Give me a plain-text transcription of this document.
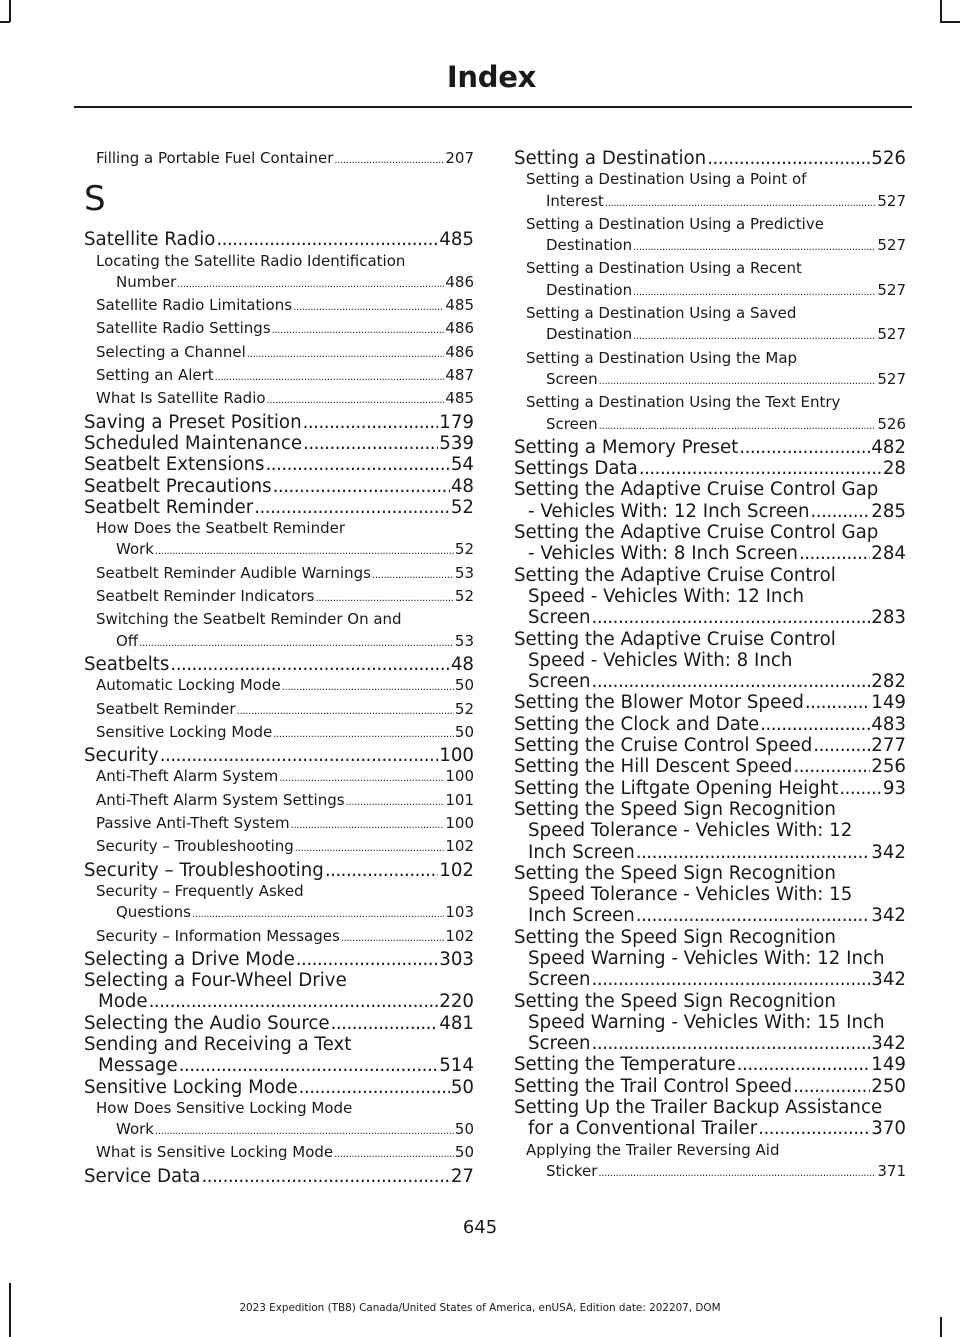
Index
Filling a Portable Fuel Container .....	207
S
Satellite Radio .....	485
Locating the Satellite Radio Identification
Number .....	486
Satellite Radio Limitations .....	485
Satellite Radio Settings .....	486
Selecting a Channel .....	486
Setting an Alert .....	487
What Is Satellite Radio .....	485
Saving a Preset Position .....	179
Scheduled Maintenance .....	539
Seatbelt Extensions .....	54
Seatbelt Precautions .....	48
Seatbelt Reminder .....	52
How Does the Seatbelt Reminder
Work .....	52
Seatbelt Reminder Audible Warnings .....	53
Seatbelt Reminder Indicators .....	52
Switching the Seatbelt Reminder On and
Off .....	53
Seatbelts .....	48
Automatic Locking Mode .....	50
Seatbelt Reminder .....	52
Sensitive Locking Mode .....	50
Security .....	100
Anti-Theft Alarm System .....	100
Anti-Theft Alarm System Settings .....	101
Passive Anti-Theft System .....	100
Security – Troubleshooting .....	102
Security – Troubleshooting .....	102
Security – Frequently Asked
Questions .....	103
Security – Information Messages .....	102
Selecting a Drive Mode .....	303
Selecting a Four-Wheel Drive
Mode .....	220
Selecting the Audio Source .....	481
Sending and Receiving a Text
Message .....	514
Sensitive Locking Mode .....	50
How Does Sensitive Locking Mode
Work .....	50
What is Sensitive Locking Mode .....	50
Service Data .....	27
Setting a Destination .....	526
Setting a Destination Using a Point of
Interest .....	527
Setting a Destination Using a Predictive
Destination .....	527
Setting a Destination Using a Recent
Destination .....	527
Setting a Destination Using a Saved
Destination .....	527
Setting a Destination Using the Map
Screen .....	527
Setting a Destination Using the Text Entry
Screen .....	526
Setting a Memory Preset .....	482
Settings Data .....	28
Setting the Adaptive Cruise Control Gap
- Vehicles With: 12 Inch Screen .....	285
Setting the Adaptive Cruise Control Gap
- Vehicles With: 8 Inch Screen .....	284
Setting the Adaptive Cruise Control
Speed - Vehicles With: 12 Inch
Screen .....	283
Setting the Adaptive Cruise Control
Speed - Vehicles With: 8 Inch
Screen .....	282
Setting the Blower Motor Speed .....	149
Setting the Clock and Date .....	483
Setting the Cruise Control Speed .....	277
Setting the Hill Descent Speed .....	256
Setting the Liftgate Opening Height ..... 93
Setting the Speed Sign Recognition
Speed Tolerance - Vehicles With: 12
Inch Screen .....	342
Setting the Speed Sign Recognition
Speed Tolerance - Vehicles With: 15
Inch Screen .....	342
Setting the Speed Sign Recognition
Speed Warning - Vehicles With: 12 Inch
Screen .....	342
Setting the Speed Sign Recognition
Speed Warning - Vehicles With: 15 Inch
Screen .....	342
Setting the Temperature .....	149
Setting the Trail Control Speed .....	250
Setting Up the Trailer Backup Assistance
for a Conventional Trailer .....	370
Applying the Trailer Reversing Aid
Sticker .....	371
645
2023 Expedition (TB8) Canada/United States of America, enUSA, Edition date: 202207, DOM
